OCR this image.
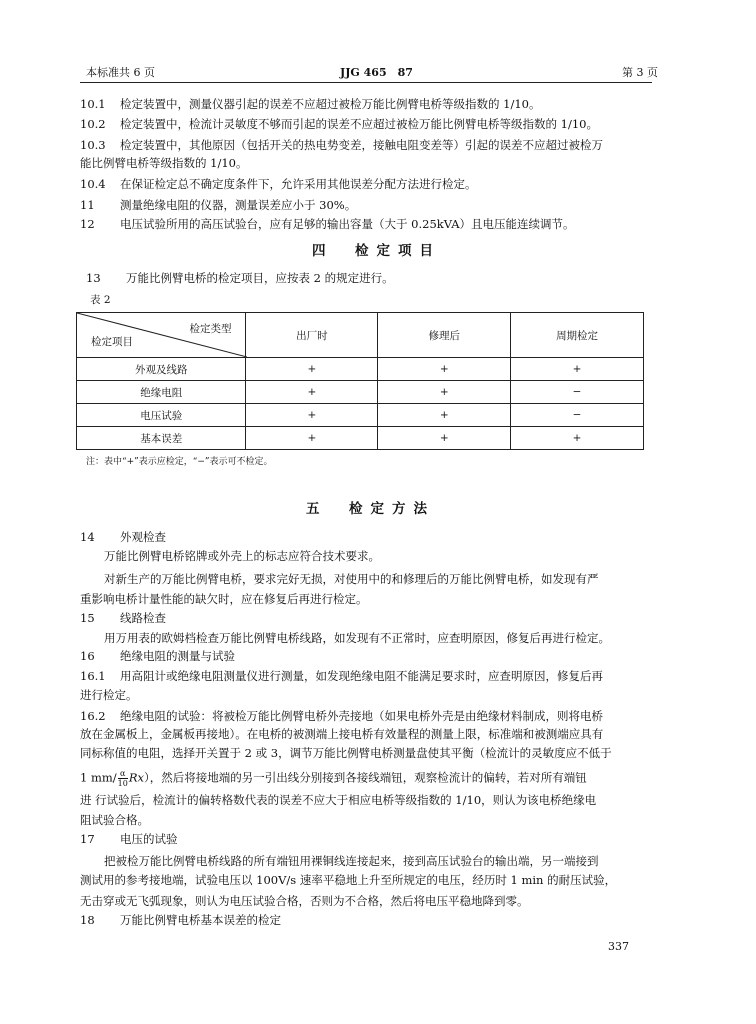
本标准共 6 页	JJG 465　87	第 3 页
10.1 检定装置中，测量仪器引起的误差不应超过被检万能比例臂电桥等级指数的 1/10。
10.2 检定装置中，检流计灵敏度不够而引起的误差不应超过被检万能比例臂电桥等级指数的 1/10。
10.3 检定装置中，其他原因（包括开关的热电势变差，接触电阻变差等）引起的误差不应超过被检万
能比例臂电桥等级指数的 1/10。
10.4 在保证检定总不确定度条件下，允许采用其他误差分配方法进行检定。
11 测量绝缘电阻的仪器，测量误差应小于 30%。
12 电压试验所用的高压试验台，应有足够的输出容量（大于 0.25kVA）且电压能连续调节。
四　检定项目
13 万能比例臂电桥的检定项目，应按表 2 的规定进行。
表 2
检定类型
检定项目	出厂时	修理后	周期检定
外观及线路	+	+	+
绝缘电阻	+	+	−
电压试验	+	+	−
基本误差	+	+	+
注：表中“+”表示应检定，“−”表示可不检定。
五　检定方法
14 外观检查
万能比例臂电桥铭牌或外壳上的标志应符合技术要求。
对新生产的万能比例臂电桥，要求完好无损，对使用中的和修理后的万能比例臂电桥，如发现有严
重影响电桥计量性能的缺欠时，应在修复后再进行检定。
15 线路检查
用万用表的欧姆档检查万能比例臂电桥线路，如发现有不正常时，应查明原因，修复后再进行检定。
16 绝缘电阻的测量与试验
16.1 用高阻计或绝缘电阻测量仪进行测量，如发现绝缘电阻不能满足要求时，应查明原因，修复后再
进行检定。
16.2 绝缘电阻的试验：将被检万能比例臂电桥外壳接地（如果电桥外壳是由绝缘材料制成，则将电桥
放在金属板上，金属板再接地）。在电桥的被测端上接电桥有效量程的测量上限，标准端和被测端应具有
同标称值的电阻，选择开关置于 2 或 3，调节万能比例臂电桥测量盘使其平衡（检流计的灵敏度应不低于
1 $mm/ \frac{\alpha}{10} Rx$），然后将接地端的另一引出线分别接到各接线端钮，观察检流计的偏转，若对所有端钮
进 行试验后，检流计的偏转格数代表的误差不应大于相应电桥等级指数的 1/10，则认为该电桥绝缘电
阻试验合格。
17 电压的试验
把被检万能比例臂电桥线路的所有端钮用裸铜线连接起来，接到高压试验台的输出端，另一端接到
测试用的参考接地端，试验电压以 100V/s 速率平稳地上升至所规定的电压，经历时 1 min 的耐压试验，
无击穿或无飞弧现象，则认为电压试验合格，否则为不合格，然后将电压平稳地降到零。
18 万能比例臂电桥基本误差的检定
337
